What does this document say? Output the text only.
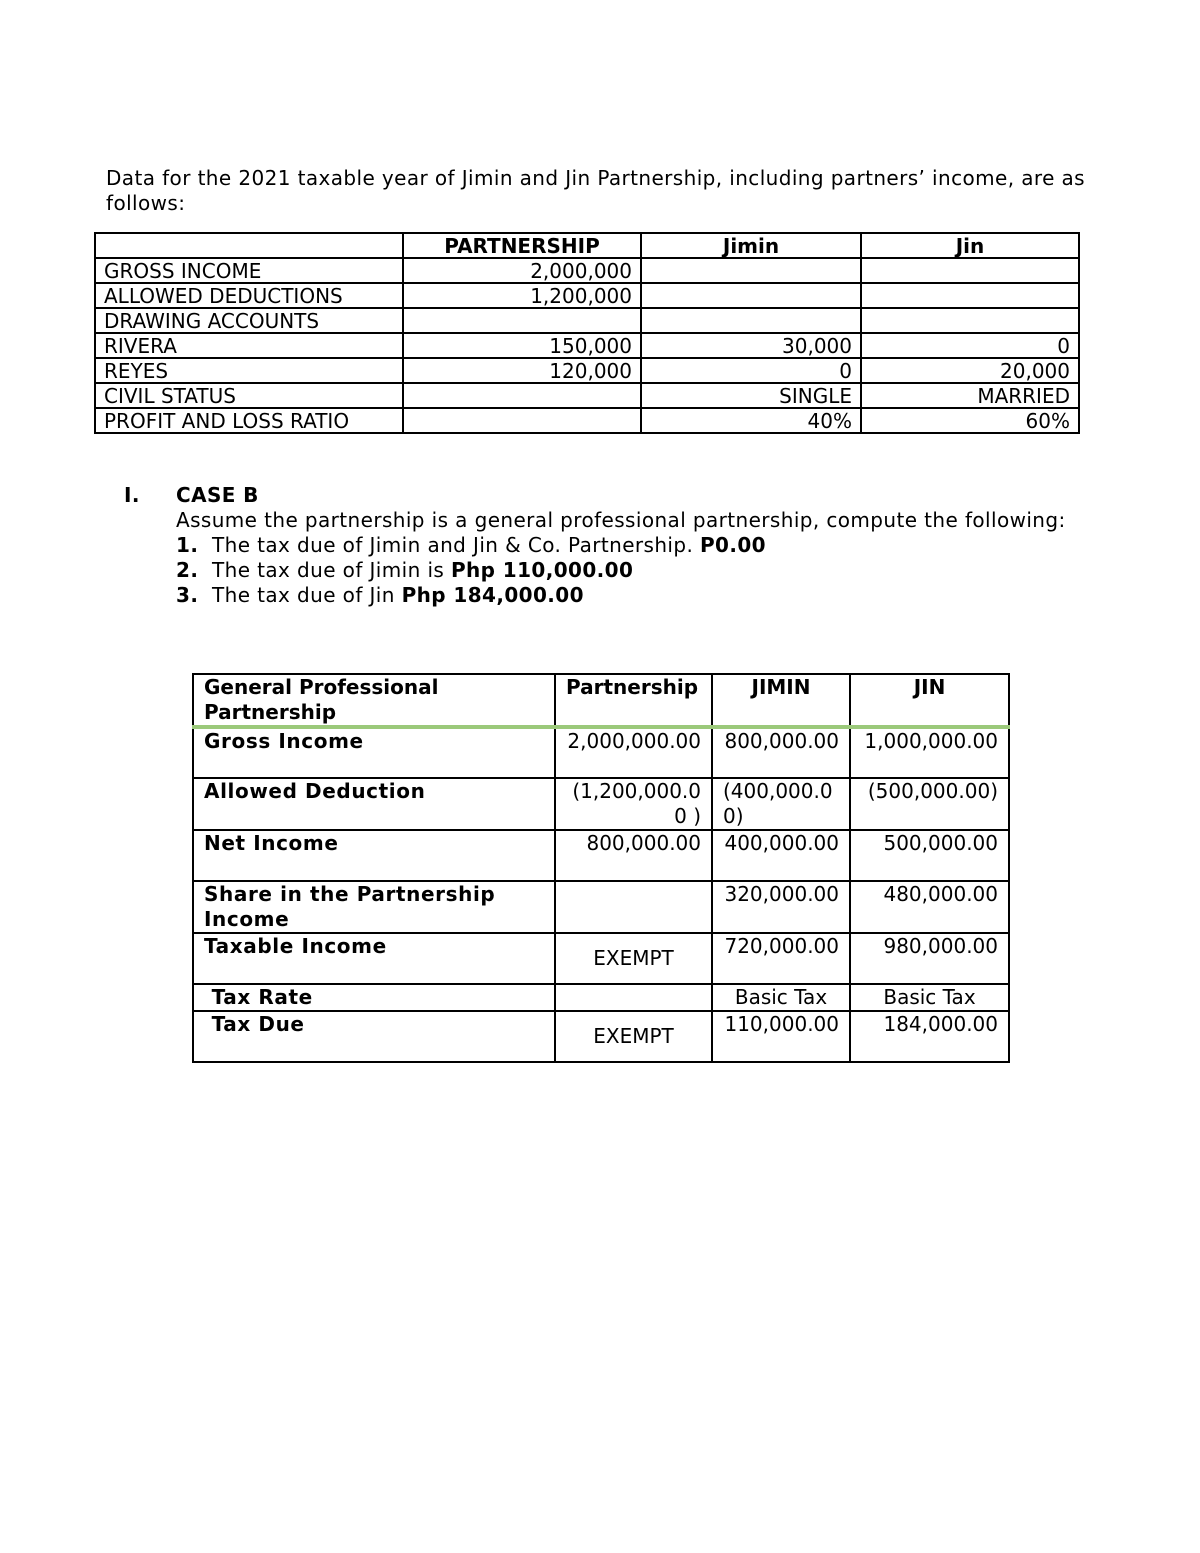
Data for the 2021 taxable year of Jimin and Jin Partnership, including partners’ income, are as follows:
	PARTNERSHIP	Jimin	Jin
GROSS INCOME	2,000,000		
ALLOWED DEDUCTIONS	1,200,000		
DRAWING ACCOUNTS			
RIVERA	150,000	30,000	0
REYES	120,000	0	20,000
CIVIL STATUS		SINGLE	MARRIED
PROFIT AND LOSS RATIO		40%	60%
I. CASE B
Assume the partnership is a general professional partnership, compute the following:
1. The tax due of Jimin and Jin & Co. Partnership. P0.00
2. The tax due of Jimin is Php 110,000.00
3. The tax due of Jin Php 184,000.00
General Professional Partnership	Partnership	JIMIN	JIN
Gross Income	2,000,000.00	800,000.00	1,000,000.00
Allowed Deduction	(1,200,000.00 )	(400,000.00)	(500,000.00)
Net Income	800,000.00	400,000.00	500,000.00
Share in the Partnership Income		320,000.00	480,000.00
Taxable Income	EXEMPT	720,000.00	980,000.00
Tax Rate		Basic Tax	Basic Tax
Tax Due	EXEMPT	110,000.00	184,000.00
